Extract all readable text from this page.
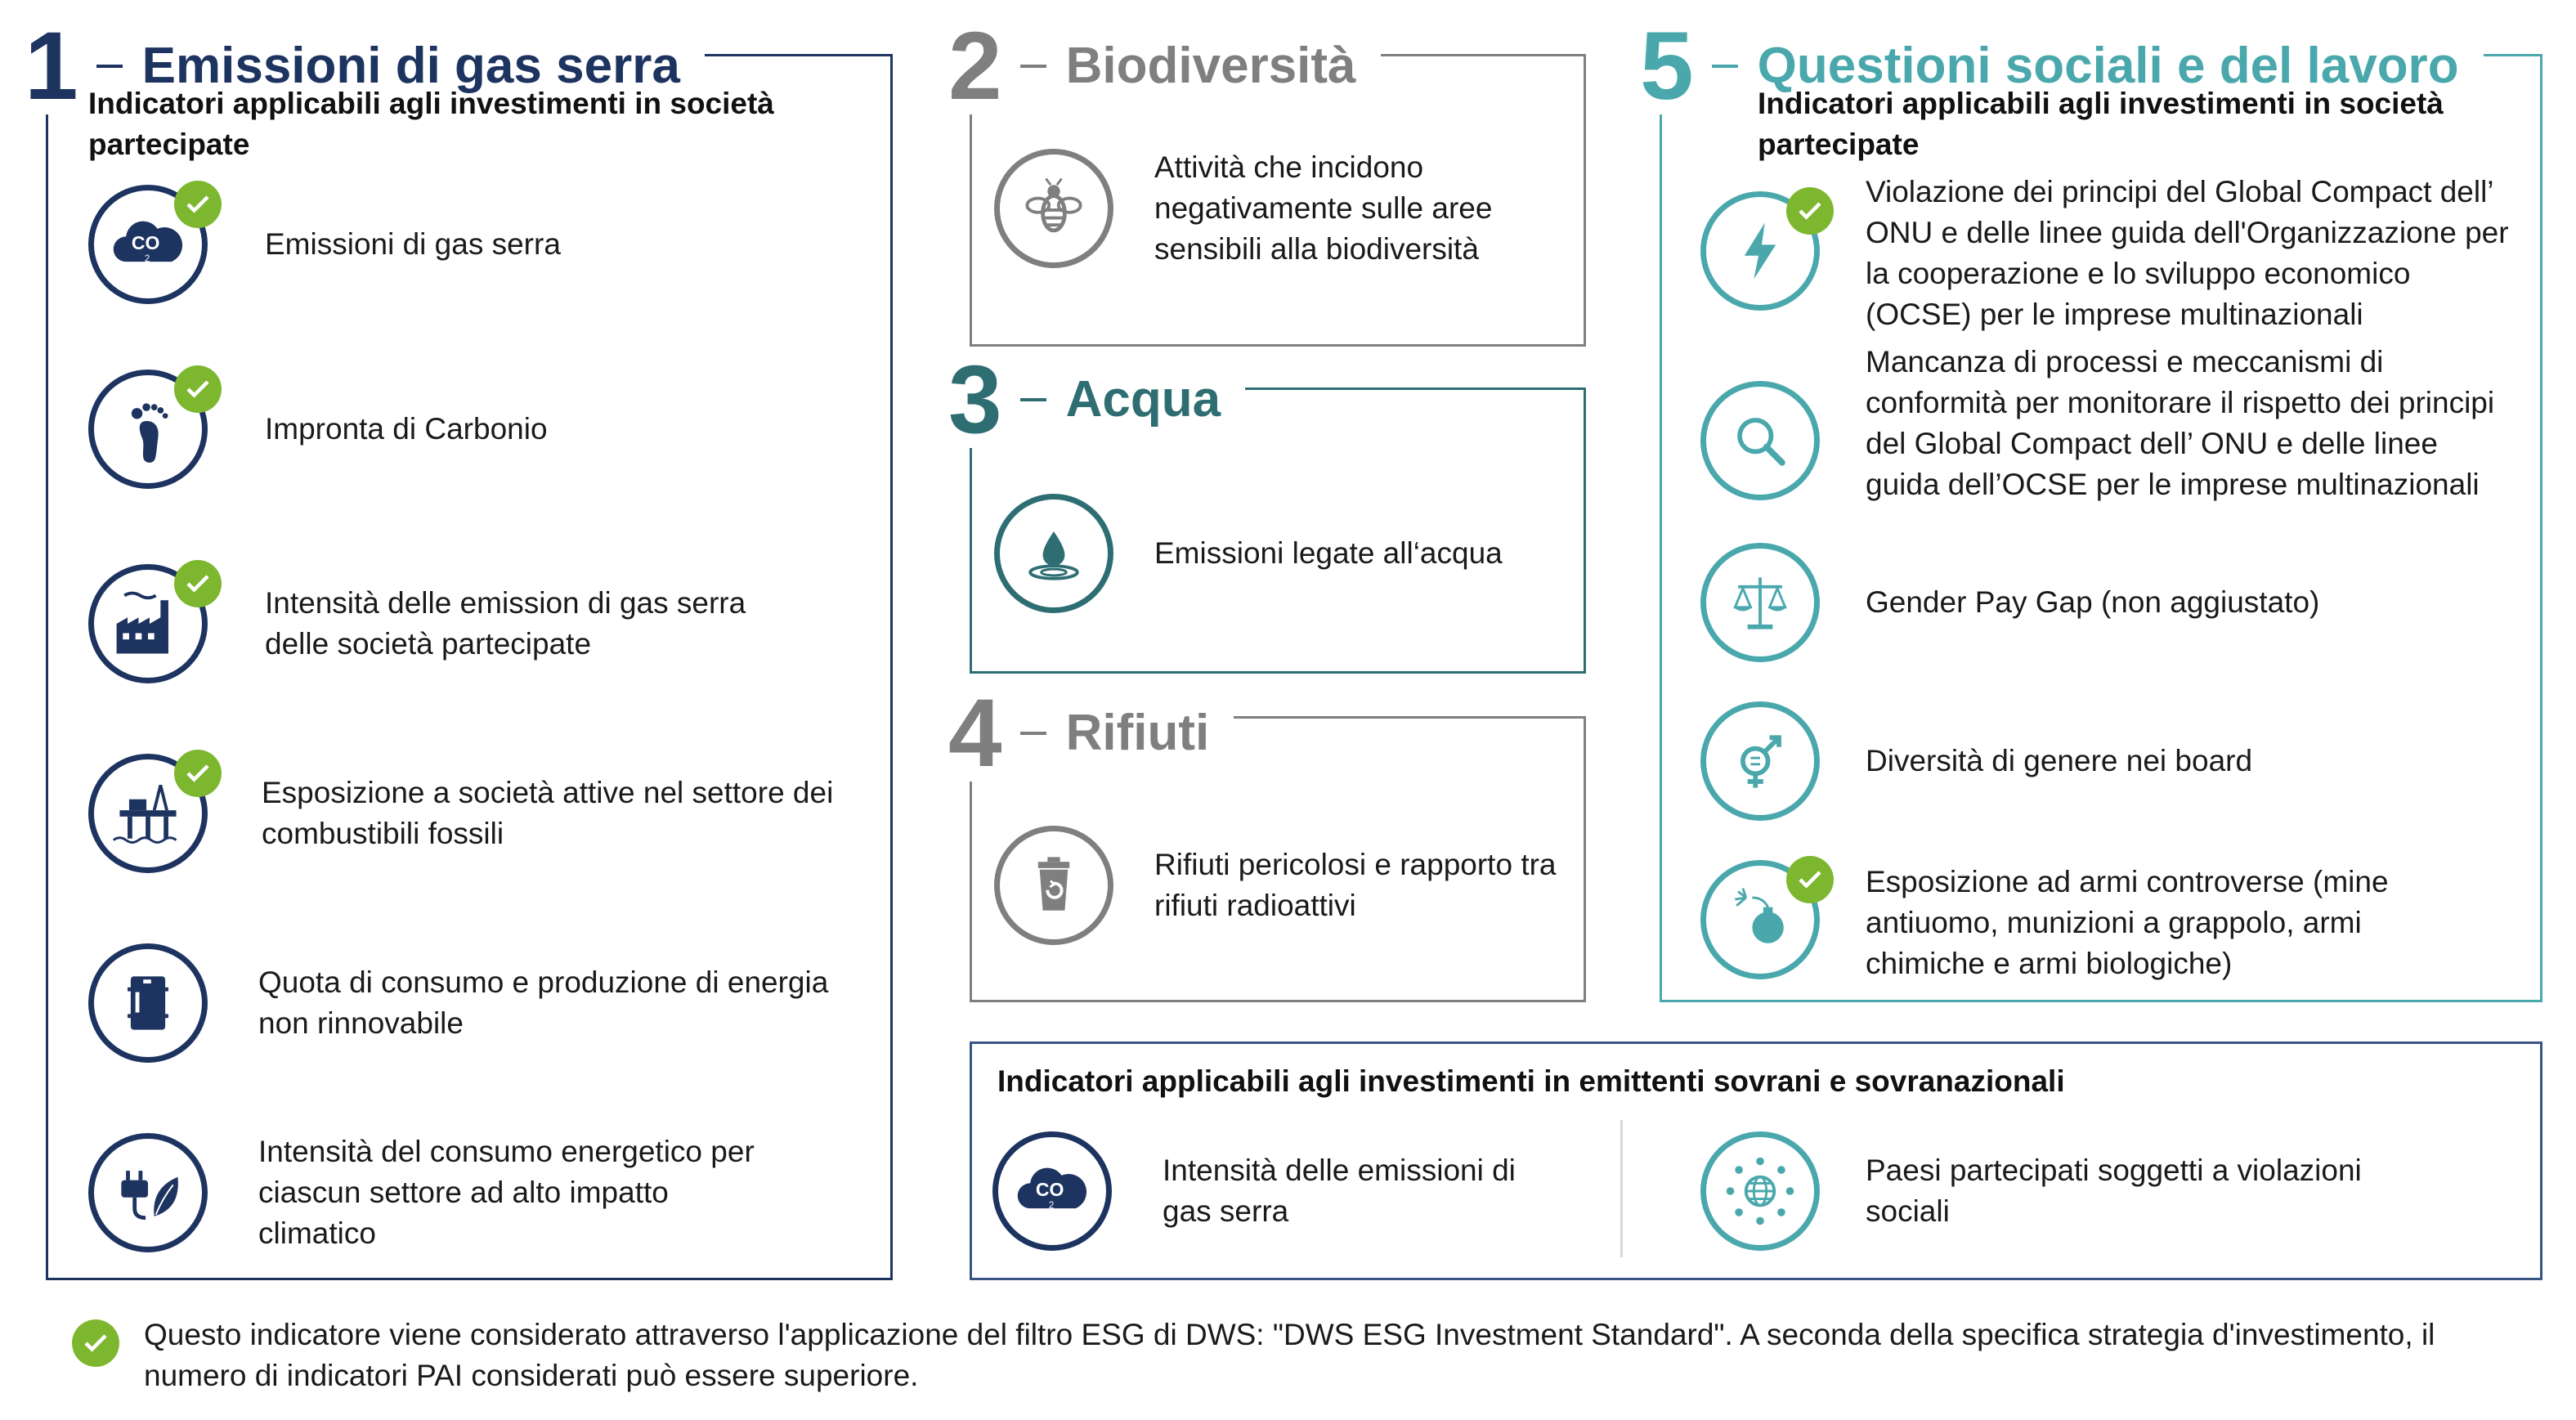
1 Emissioni di gas serra
Indicatori applicabili agli investimenti in società partecipate
CO
2	Emissioni di gas serra
Impronta di Carbonio
Intensità delle emission di gas serra delle società partecipate
Esposizione a società attive nel settore dei combustibili fossili
Quota di consumo e produzione di energia non rinnovabile
Intensità del consumo energetico per ciascun settore ad alto impatto climatico
2 Biodiversità
Attività che incidono negativamente sulle aree sensibili alla biodiversità
3 Acqua
Emissioni legate all‘acqua
4 Rifiuti
Rifiuti pericolosi e rapporto tra rifiuti radioattivi
5 Questioni sociali e del lavoro
Indicatori applicabili agli investimenti in società partecipate
Violazione dei principi del Global Compact dell’ ONU e delle linee guida dell'Organizzazione per la cooperazione e lo sviluppo economico (OCSE) per le imprese multinazionali
Mancanza di processi e meccanismi di conformità per monitorare il rispetto dei principi del Global Compact dell’ ONU e delle linee guida dell’OCSE per le imprese multinazionali
Gender Pay Gap (non aggiustato)
Diversità di genere nei board
Esposizione ad armi controverse (mine antiuomo, munizioni a grappolo, armi chimiche e armi biologiche)
Indicatori applicabili agli investimenti in emittenti sovrani e sovranazionali
CO
2
Intensità delle emissioni di gas serra
Paesi partecipati soggetti a violazioni sociali
Questo indicatore viene considerato attraverso l'applicazione del filtro ESG di DWS: "DWS ESG Investment Standard". A seconda della specifica strategia d'investimento, il numero di indicatori PAI considerati può essere superiore.
